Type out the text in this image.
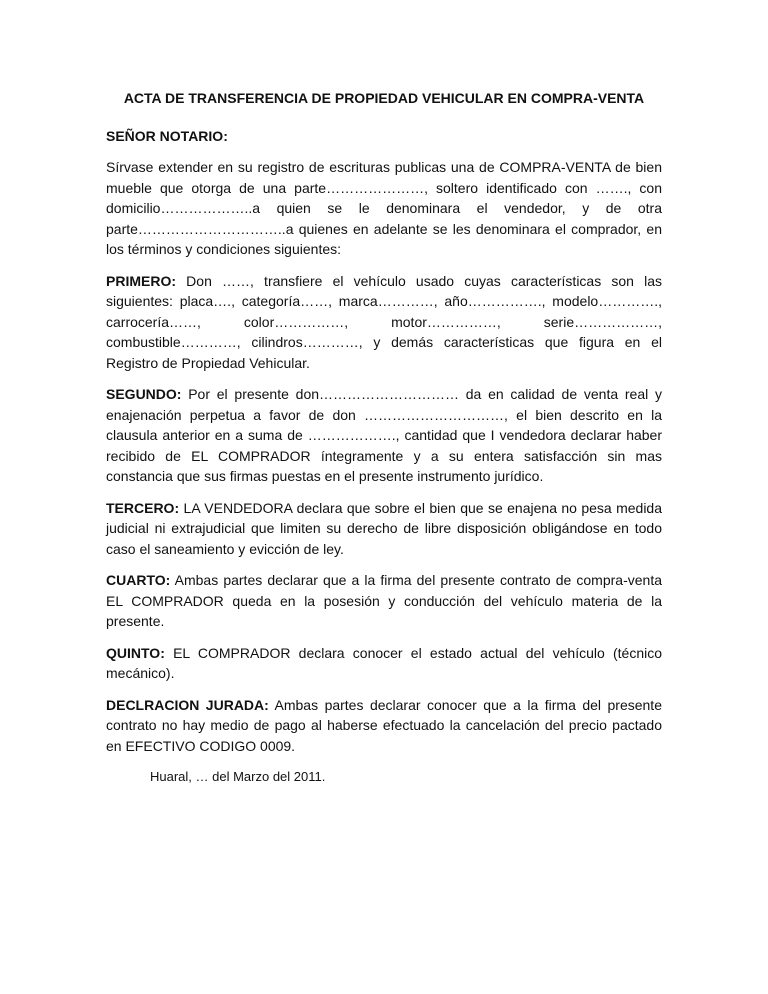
ACTA DE TRANSFERENCIA DE PROPIEDAD VEHICULAR EN COMPRA-VENTA
SEÑOR NOTARIO:

Sírvase extender en su registro de escrituras publicas una de COMPRA-VENTA de bien mueble que otorga de una parte…………………, soltero identificado con ……., con domicilio………………..a quien se le denominara el vendedor, y de otra parte…………………………..a quienes en adelante se les denominara el comprador, en los términos y condiciones siguientes:

PRIMERO: Don ……, transfiere el vehículo usado cuyas características son las siguientes: placa…., categoría……, marca…………, año……………., modelo…………., carrocería……, color……………, motor……………, serie………………, combustible…………, cilindros…………, y demás características que figura en el Registro de Propiedad Vehicular.

SEGUNDO: Por el presente don………………………… da en calidad de venta real y enajenación perpetua a favor de don …………………………, el bien descrito en la clausula anterior en a suma de ………………., cantidad que I vendedora declarar haber recibido de EL COMPRADOR íntegramente y a su entera satisfacción sin mas constancia que sus firmas puestas en el presente instrumento jurídico.

TERCERO: LA VENDEDORA declara que sobre el bien que se enajena no pesa medida judicial ni extrajudicial que limiten su derecho de libre disposición obligándose en todo caso el saneamiento y evicción de ley.

CUARTO: Ambas partes declarar que a la firma del presente contrato de compra-venta EL COMPRADOR queda en la posesión y conducción del vehículo materia de la presente.

QUINTO: EL COMPRADOR declara conocer el estado actual del vehículo (técnico mecánico).

DECLRACION JURADA: Ambas partes declarar conocer que a la firma del presente contrato no hay medio de pago al haberse efectuado la cancelación del precio pactado en EFECTIVO CODIGO 0009.

Huaral, … del Marzo del 2011.
